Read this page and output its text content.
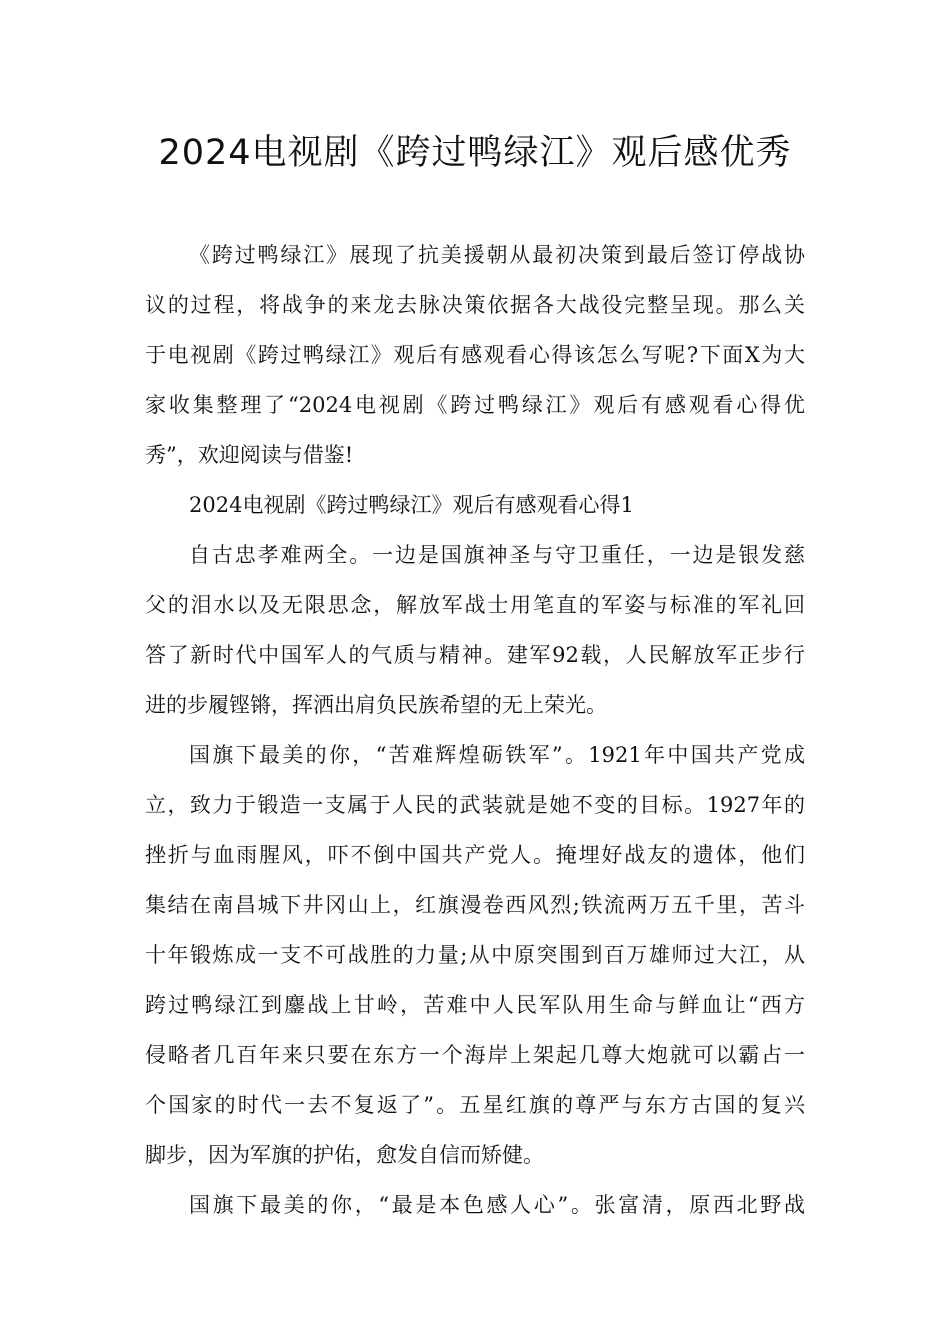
2024电视剧《跨过鸭绿江》观后感优秀
《跨过鸭绿江》展现了抗美援朝从最初决策到最后签订停战协
议的过程，将战争的来龙去脉决策依据各大战役完整呈现。那么关
于电视剧《跨过鸭绿江》观后有感观看心得该怎么写呢?下面X为大
家收集整理了“2024电视剧《跨过鸭绿江》观后有感观看心得优
秀”，欢迎阅读与借鉴!
2024电视剧《跨过鸭绿江》观后有感观看心得1
自古忠孝难两全。一边是国旗神圣与守卫重任，一边是银发慈
父的泪水以及无限思念，解放军战士用笔直的军姿与标准的军礼回
答了新时代中国军人的气质与精神。建军92载，人民解放军正步行
进的步履铿锵，挥洒出肩负民族希望的无上荣光。
国旗下最美的你，“苦难辉煌砺铁军”。1921年中国共产党成
立，致力于锻造一支属于人民的武装就是她不变的目标。1927年的
挫折与血雨腥风，吓不倒中国共产党人。掩埋好战友的遗体，他们
集结在南昌城下井冈山上，红旗漫卷西风烈;铁流两万五千里，苦斗
十年锻炼成一支不可战胜的力量;从中原突围到百万雄师过大江，从
跨过鸭绿江到鏖战上甘岭，苦难中人民军队用生命与鲜血让“西方
侵略者几百年来只要在东方一个海岸上架起几尊大炮就可以霸占一
个国家的时代一去不复返了”。五星红旗的尊严与东方古国的复兴
脚步，因为军旗的护佑，愈发自信而矫健。
国旗下最美的你，“最是本色感人心”。张富清，原西北野战
